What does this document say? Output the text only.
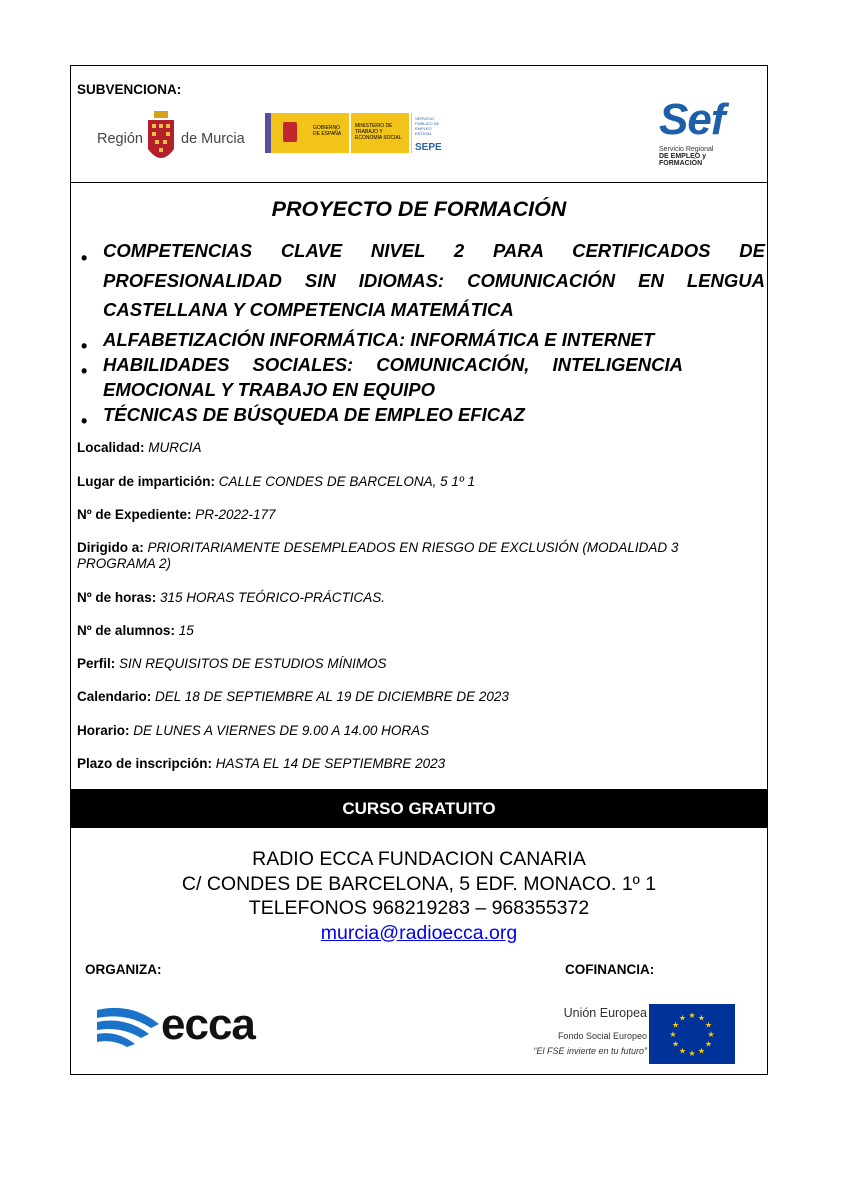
SUBVENCIONA:
Región	de Murcia
GOBIERNO DE ESPAÑA
MINISTERIO DE TRABAJO Y ECONOMÍA SOCIAL
SERVICIO PÚBLICO DE EMPLEO ESTATAL
SEPE
Sef
Servicio Regional
DE EMPLEO y FORMACIÓN
PROYECTO DE FORMACIÓN
• COMPETENCIAS CLAVE NIVEL 2 PARA CERTIFICADOS DE PROFESIONALIDAD SIN IDIOMAS: COMUNICACIÓN EN LENGUA CASTELLANA Y COMPETENCIA MATEMÁTICA
• ALFABETIZACIÓN INFORMÁTICA: INFORMÁTICA E INTERNET
• HABILIDADES SOCIALES: COMUNICACIÓN, INTELIGENCIA EMOCIONAL Y TRABAJO EN EQUIPO
• TÉCNICAS DE BÚSQUEDA DE EMPLEO EFICAZ
Localidad: MURCIA
Lugar de impartición: CALLE CONDES DE BARCELONA, 5 1º 1
Nº de Expediente: PR-2022-177
Dirigido a: PRIORITARIAMENTE DESEMPLEADOS EN RIESGO DE EXCLUSIÓN (MODALIDAD 3 PROGRAMA 2)
Nº de horas: 315 HORAS TEÓRICO-PRÁCTICAS.
Nº de alumnos: 15
Perfil: SIN REQUISITOS DE ESTUDIOS MÍNIMOS
Calendario: DEL 18 DE SEPTIEMBRE AL 19 DE DICIEMBRE DE 2023
Horario: DE LUNES A VIERNES DE 9.00 A 14.00 HORAS
Plazo de inscripción: HASTA EL 14 DE SEPTIEMBRE 2023
CURSO GRATUITO
RADIO ECCA FUNDACION CANARIA
C/ CONDES DE BARCELONA, 5 EDF. MONACO. 1º 1
TELEFONOS 968219283 – 968355372
murcia@radioecca.org
ORGANIZA:	COFINANCIA:
ecca	Unión Europea
Fondo Social Europeo
“El FSE invierte en tu futuro”
★ ★
★
★
★
★
★
★
★
★
★
★
